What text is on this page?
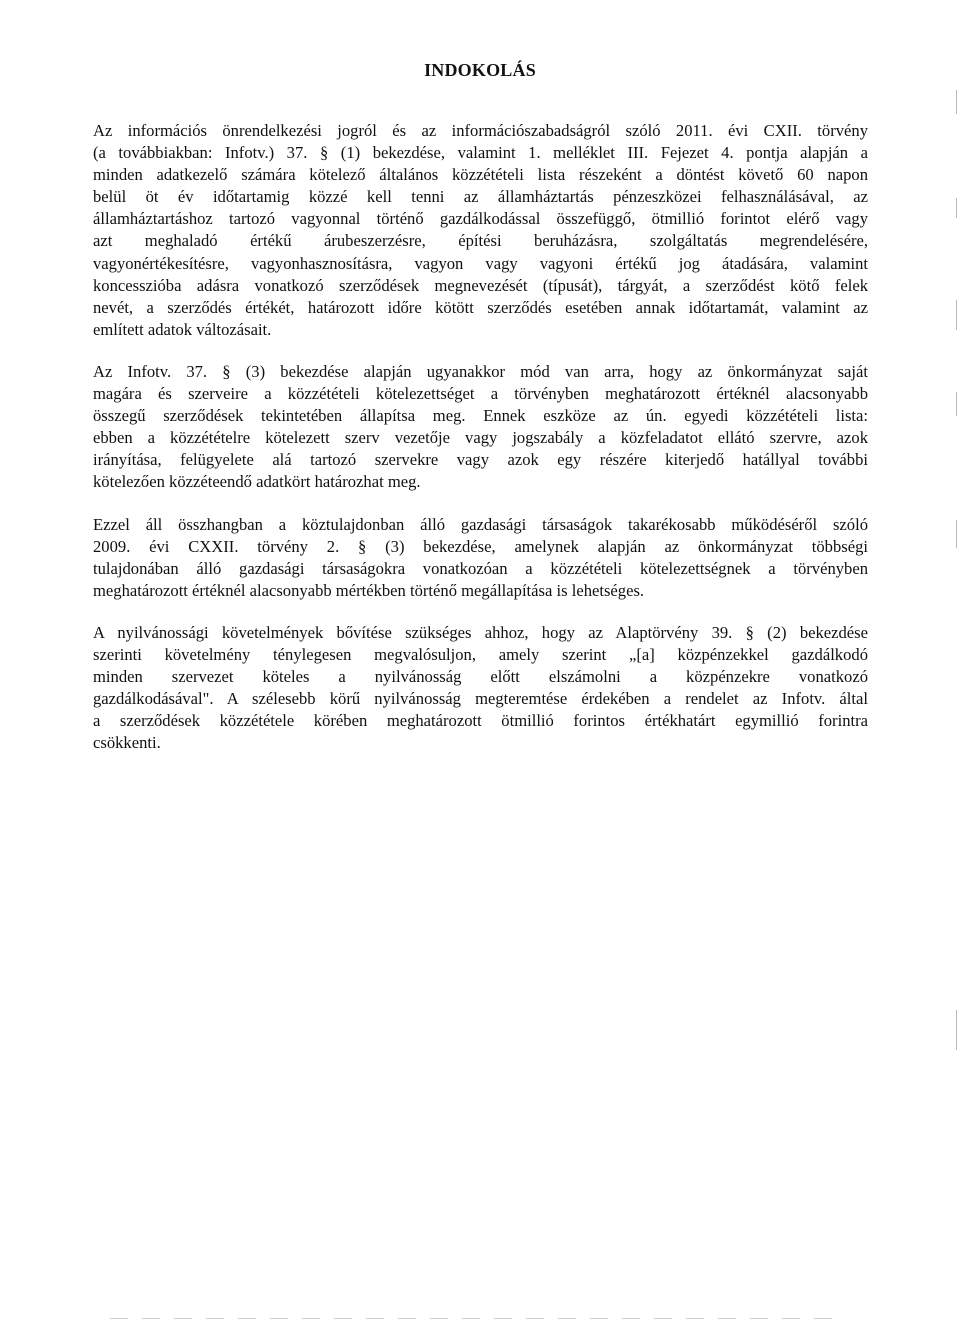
INDOKOLÁS
Az információs önrendelkezési jogról és az információszabadságról szóló 2011. évi CXII. törvény
(a továbbiakban: Infotv.) 37. § (1) bekezdése, valamint 1. melléklet III. Fejezet 4. pontja alapján a
minden adatkezelő számára kötelező általános közzétételi lista részeként a döntést követő 60 napon
belül öt év időtartamig közzé kell tenni az államháztartás pénzeszközei felhasználásával, az
államháztartáshoz tartozó vagyonnal történő gazdálkodással összefüggő, ötmillió forintot elérő vagy
azt meghaladó értékű árubeszerzésre, építési beruházásra, szolgáltatás megrendelésére,
vagyonértékesítésre, vagyonhasznosításra, vagyon vagy vagyoni értékű jog átadására, valamint
koncesszióba adásra vonatkozó szerződések megnevezését (típusát), tárgyát, a szerződést kötő felek
nevét, a szerződés értékét, határozott időre kötött szerződés esetében annak időtartamát, valamint az
említett adatok változásait.
Az Infotv. 37. § (3) bekezdése alapján ugyanakkor mód van arra, hogy az önkormányzat saját
magára és szerveire a közzétételi kötelezettséget a törvényben meghatározott értéknél alacsonyabb
összegű szerződések tekintetében állapítsa meg. Ennek eszköze az ún. egyedi közzétételi lista:
ebben a közzétételre kötelezett szerv vezetője vagy jogszabály a közfeladatot ellátó szervre, azok
irányítása, felügyelete alá tartozó szervekre vagy azok egy részére kiterjedő hatállyal további
kötelezően közzéteendő adatkört határozhat meg.
Ezzel áll összhangban a köztulajdonban álló gazdasági társaságok takarékosabb működéséről szóló
2009. évi CXXII. törvény 2. § (3) bekezdése, amelynek alapján az önkormányzat többségi
tulajdonában álló gazdasági társaságokra vonatkozóan a közzétételi kötelezettségnek a törvényben
meghatározott értéknél alacsonyabb mértékben történő megállapítása is lehetséges.
A nyilvánossági követelmények bővítése szükséges ahhoz, hogy az Alaptörvény 39. § (2) bekezdése
szerinti követelmény ténylegesen megvalósuljon, amely szerint „[a] közpénzekkel gazdálkodó
minden szervezet köteles a nyilvánosság előtt elszámolni a közpénzekre vonatkozó
gazdálkodásával". A szélesebb körű nyilvánosság megteremtése érdekében a rendelet az Infotv. által
a szerződések közzététele körében meghatározott ötmillió forintos értékhatárt egymillió forintra
csökkenti.
